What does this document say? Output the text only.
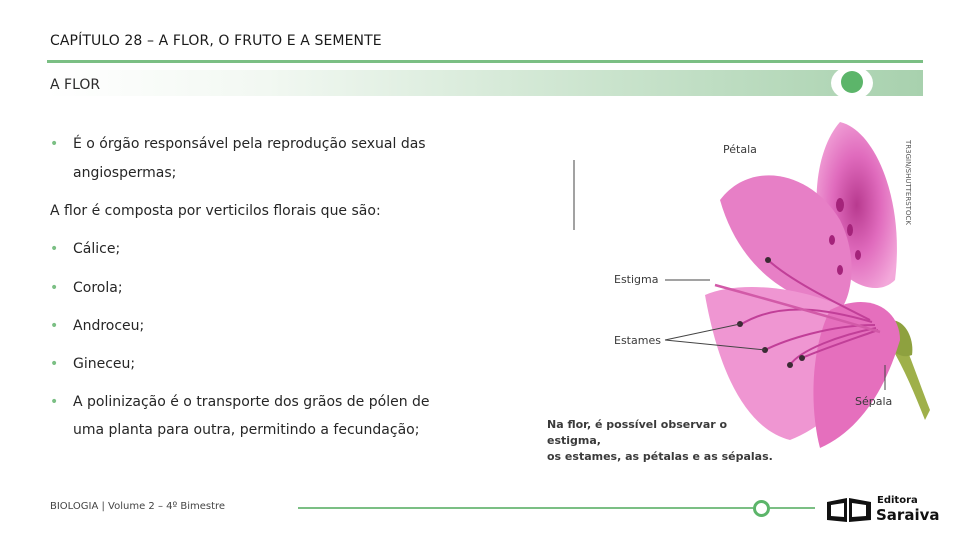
CAPÍTULO 28 – A FLOR, O FRUTO E A SEMENTE
A FLOR
• É o órgão responsável pela reprodução sexual das
angiospermas;
A flor é composta por verticilos florais que são:
• Cálice;
• Corola;
• Androceu;
• Gineceu;
• A polinização é o transporte dos grãos de pólen de
uma planta para outra, permitindo a fecundação;
Pétala
Estigma
Estames
Sépala
Na flor, é possível observar o estigma,
os estames, as pétalas e as sépalas.
TR3GIN/SHUTTERSTOCK
BIOLOGIA | Volume 2 – 4º Bimestre
Editora
Saraiva
